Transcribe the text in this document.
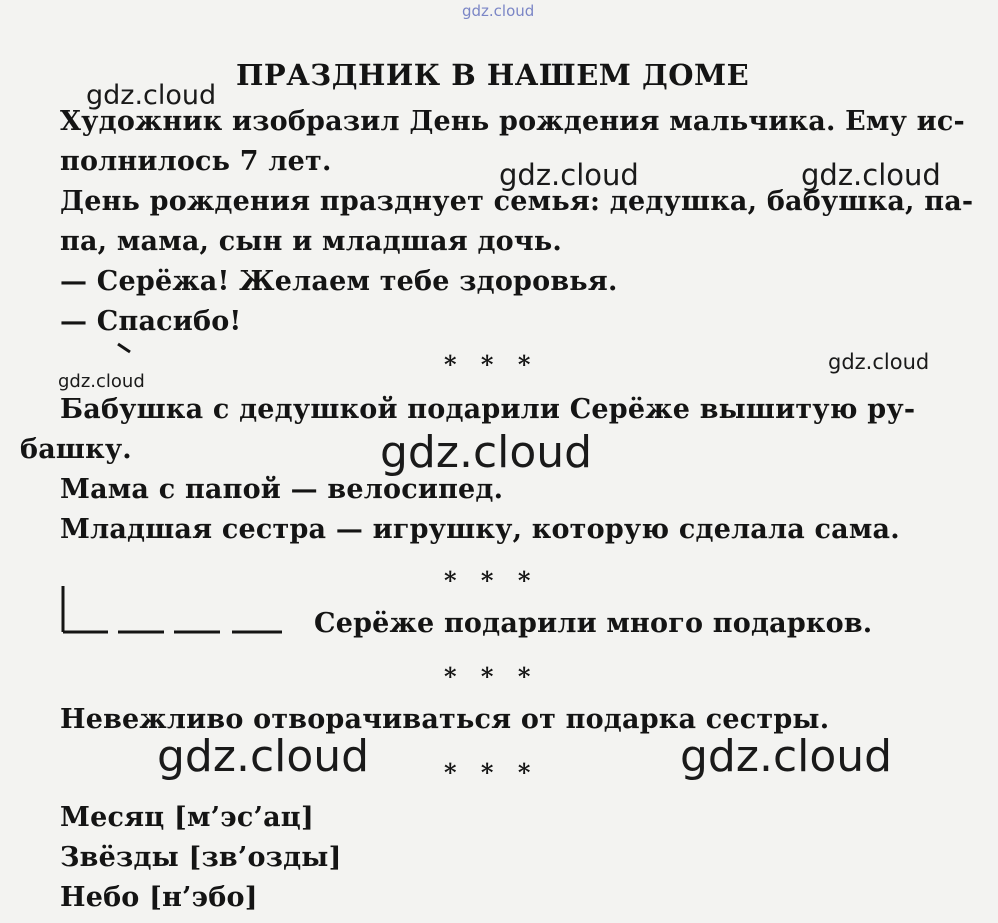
gdz.cloud
gdz.cloud
gdz.cloud	gdz.cloud
gdz.cloud
gdz.cloud
gdz.cloud
gdz.cloud	gdz.cloud
ПРАЗДНИК В НАШЕМ ДОМЕ
Художник изобразил День рождения мальчика. Ему ис-
полнилось 7 лет.
День рождения празднует семья: дедушка, бабушка, па-
па, мама, сын и младшая дочь.
— Серёжа! Желаем тебе здоровья.
— Спасибо!
* * *
Бабушка с дедушкой подарили Серёже вышитую ру-
башку.
Мама с папой — велосипед.
Младшая сестра — игрушку, которую сделала сама.
* * *
Серёже подарили много подарков.
* * *
Невежливо отворачиваться от подарка сестры.
* * *
Месяц [м’эс’ац]
Звёзды [зв’озды]
Небо [н’эбо]
